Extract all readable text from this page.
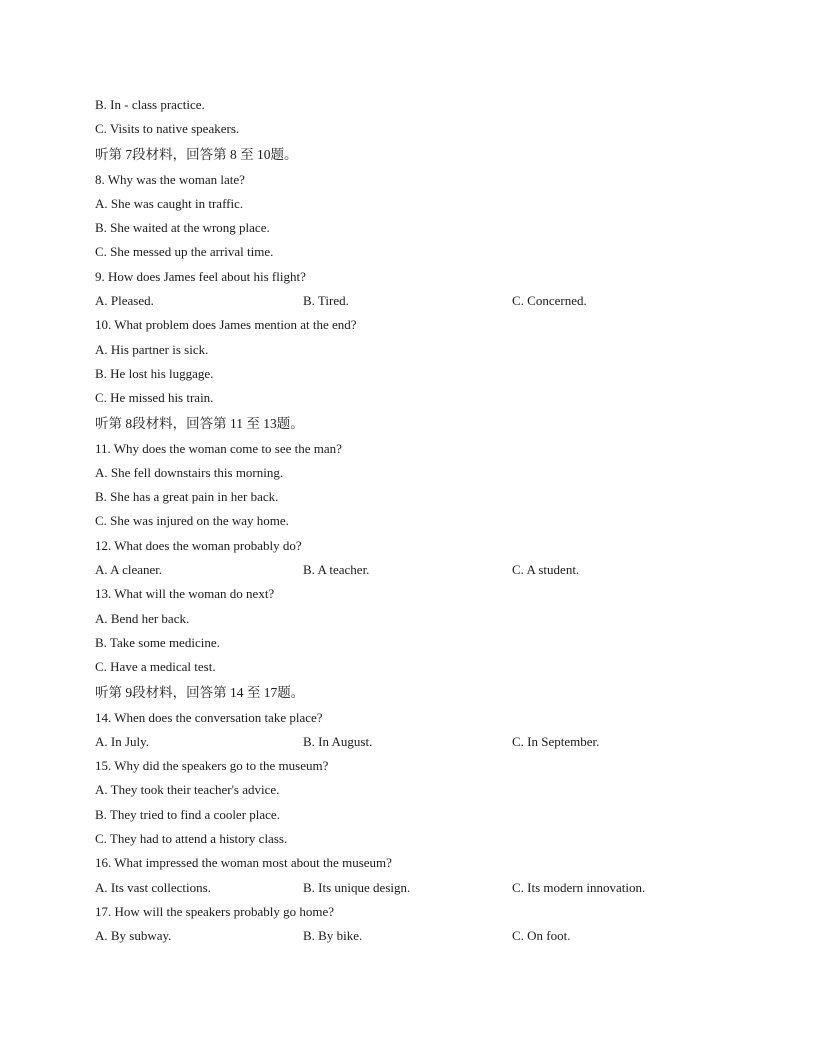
B. In - class practice.
C. Visits to native speakers.
听第 7段材料，回答第 8 至 10题。
8. Why was the woman late?
A. She was caught in traffic.
B. She waited at the wrong place.
C. She messed up the arrival time.
9. How does James feel about his flight?
A. Pleased.	B. Tired.	C. Concerned.
10. What problem does James mention at the end?
A. His partner is sick.
B. He lost his luggage.
C. He missed his train.
听第 8段材料，回答第 11 至 13题。
11. Why does the woman come to see the man?
A. She fell downstairs this morning.
B. She has a great pain in her back.
C. She was injured on the way home.
12. What does the woman probably do?
A. A cleaner.	B. A teacher.	C. A student.
13. What will the woman do next?
A. Bend her back.
B. Take some medicine.
C. Have a medical test.
听第 9段材料，回答第 14 至 17题。
14. When does the conversation take place?
A. In July.	B. In August.	C. In September.
15. Why did the speakers go to the museum?
A. They took their teacher's advice.
B. They tried to find a cooler place.
C. They had to attend a history class.
16. What impressed the woman most about the museum?
A. Its vast collections.	B. Its unique design.	C. Its modern innovation.
17. How will the speakers probably go home?
A. By subway.	B. By bike.	C. On foot.
